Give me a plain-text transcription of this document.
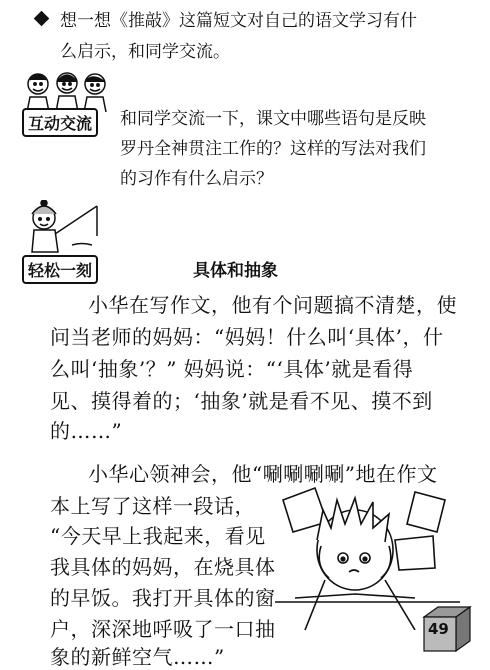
想一想《推敲》这篇短文对自己的语文学习有什
么启示，和同学交流。
互动交流	和同学交流一下，课文中哪些语句是反映
罗丹全神贯注工作的？这样的写法对我们
的习作有什么启示？
轻松一刻	具体和抽象
小华在写作文，他有个问题搞不清楚，使
问当老师的妈妈：“妈妈！什么叫‘具体’，什
么叫‘抽象’？” 妈妈说：“‘具体’就是看得
见、摸得着的；‘抽象’就是看不见、摸不到
的……”
小华心领神会，他“唰唰唰唰”地在作文
本上写了这样一段话，
“今天早上我起来，看见
我具体的妈妈，在烧具体
的早饭。我打开具体的窗
户，深深地呼吸了一口抽
象的新鲜空气……”
49
